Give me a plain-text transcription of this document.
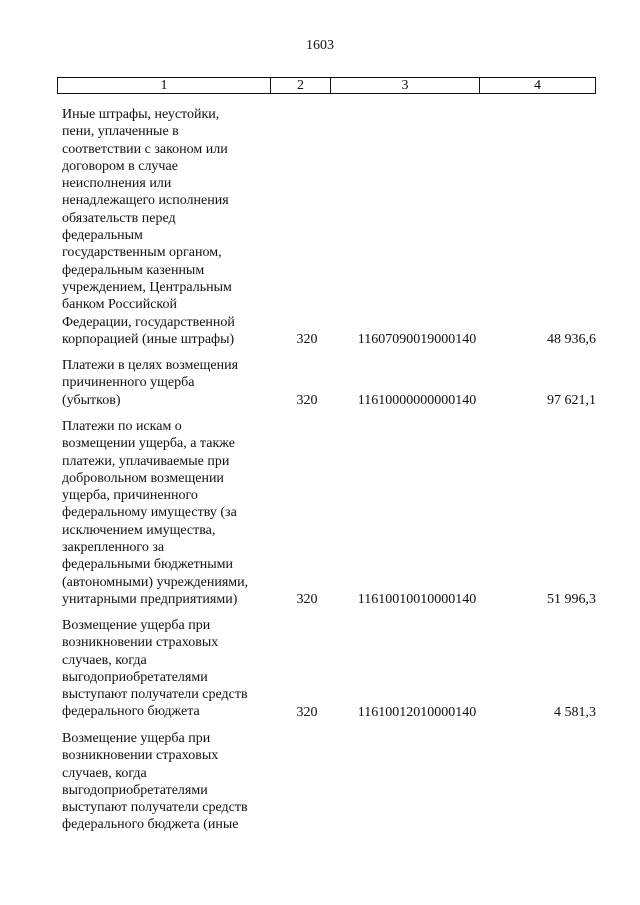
1603
1	2	3	4
Иные штрафы, неустойки,
пени, уплаченные в
соответствии с законом или
договором в случае
неисполнения или
ненадлежащего исполнения
обязательств перед
федеральным
государственным органом,
федеральным казенным
учреждением, Центральным
банком Российской
Федерации, государственной
корпорацией (иные штрафы)	320	11607090019000140	48 936,6
Платежи в целях возмещения
причиненного ущерба
(убытков)	320	11610000000000140	97 621,1
Платежи по искам о
возмещении ущерба, а также
платежи, уплачиваемые при
добровольном возмещении
ущерба, причиненного
федеральному имуществу (за
исключением имущества,
закрепленного за
федеральными бюджетными
(автономными) учреждениями,
унитарными предприятиями)	320	11610010010000140	51 996,3
Возмещение ущерба при
возникновении страховых
случаев, когда
выгодоприобретателями
выступают получатели средств
федерального бюджета	320	11610012010000140	4 581,3
Возмещение ущерба при
возникновении страховых
случаев, когда
выгодоприобретателями
выступают получатели средств
федерального бюджета (иные
